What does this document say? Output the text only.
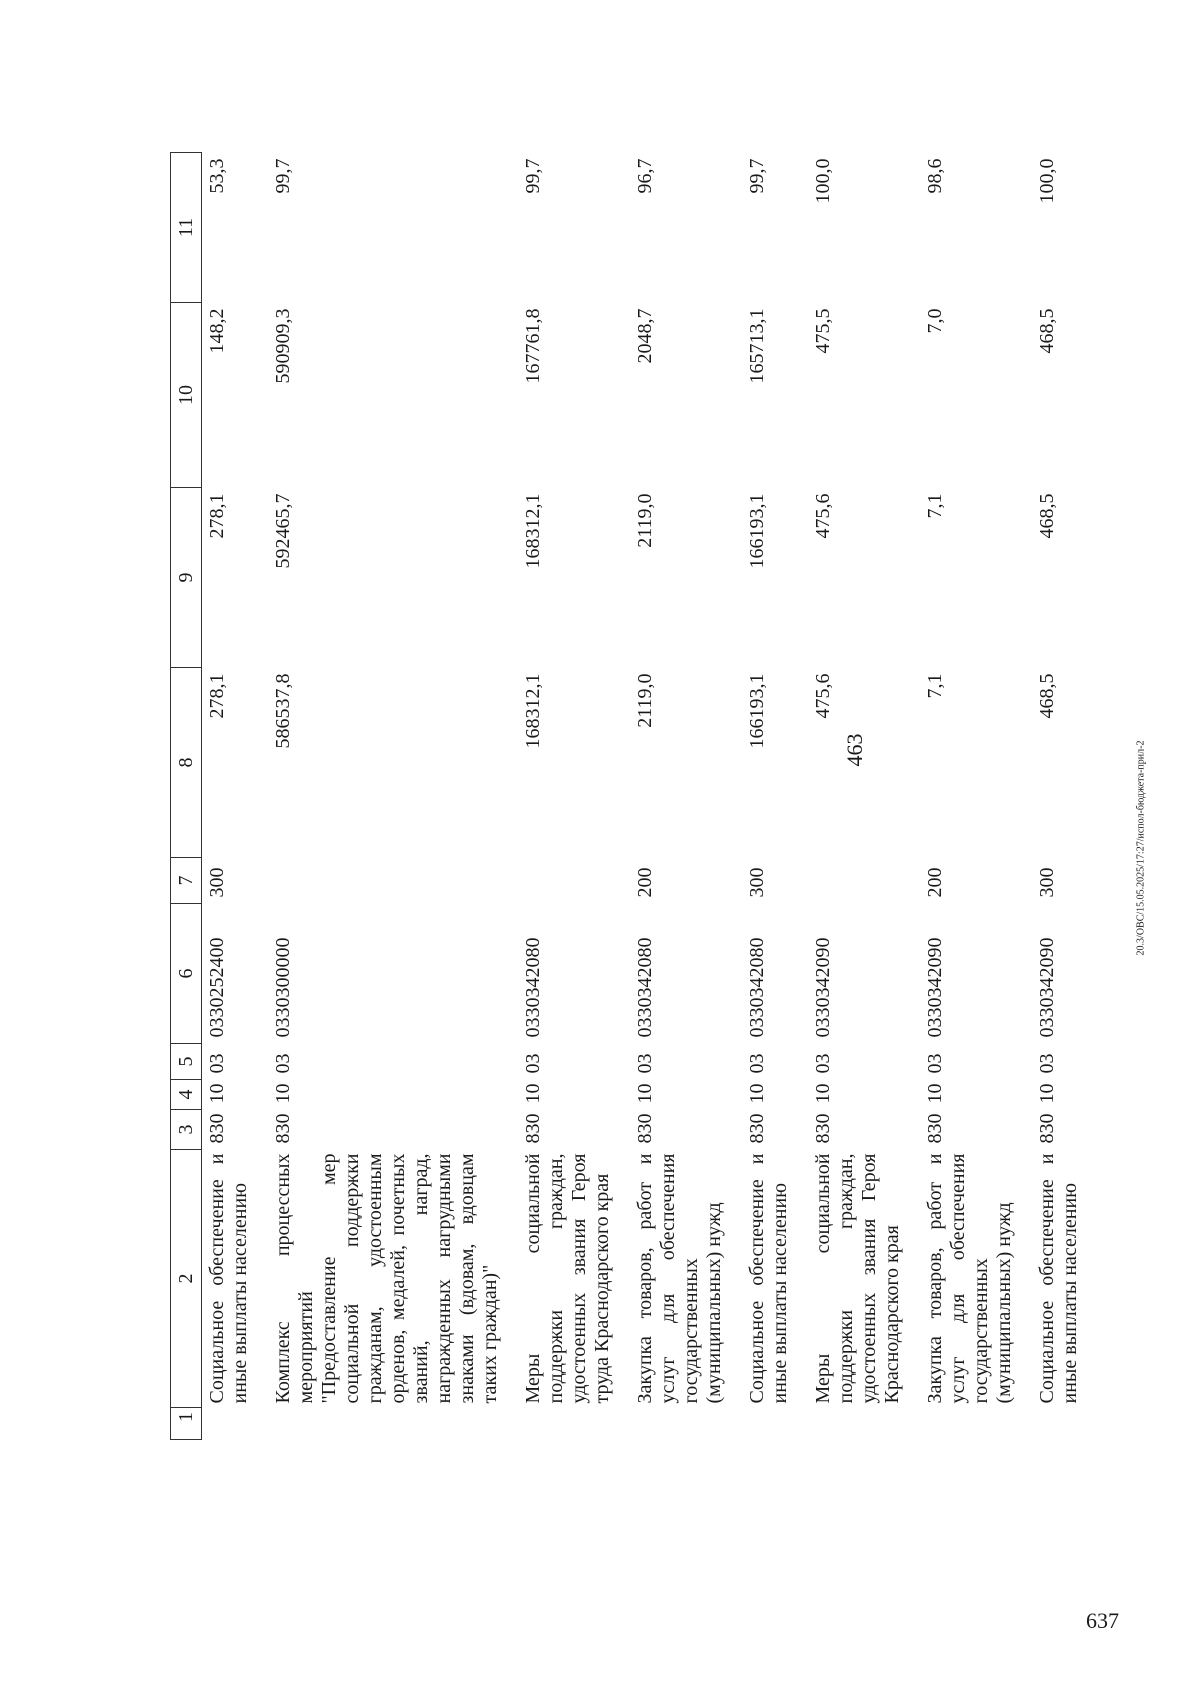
463
1	2	3	4	5	6	7	8	9	10	11
	Социальное обеспечение и иные выплаты населению	830	10	03	0330252400	300	278,1	278,1	148,2	53,3
	Комплекс процессных мероприятий "Предоставление мер социальной поддержки гражданам, удостоенным орденов, медалей, почетных званий, наград, награжденных нагрудными знаками (вдовам, вдовцам таких граждан)"	830	10	03	0330300000		586537,8	592465,7	590909,3	99,7
	Меры социальной поддержки граждан, удостоенных звания Героя труда Краснодарского края	830	10	03	0330342080		168312,1	168312,1	167761,8	99,7
	Закупка товаров, работ и услуг для обеспечения государственных (муниципальных) нужд	830	10	03	0330342080	200	2119,0	2119,0	2048,7	96,7
	Социальное обеспечение и иные выплаты населению	830	10	03	0330342080	300	166193,1	166193,1	165713,1	99,7
	Меры социальной поддержки граждан, удостоенных звания Героя Краснодарского края	830	10	03	0330342090		475,6	475,6	475,5	100,0
	Закупка товаров, работ и услуг для обеспечения государственных (муниципальных) нужд	830	10	03	0330342090	200	7,1	7,1	7,0	98,6
	Социальное обеспечение и иные выплаты населению	830	10	03	0330342090	300	468,5	468,5	468,5	100,0
20.3/ОВС/15.05.2025/17:27/испол-бюджета-прил-2
637
